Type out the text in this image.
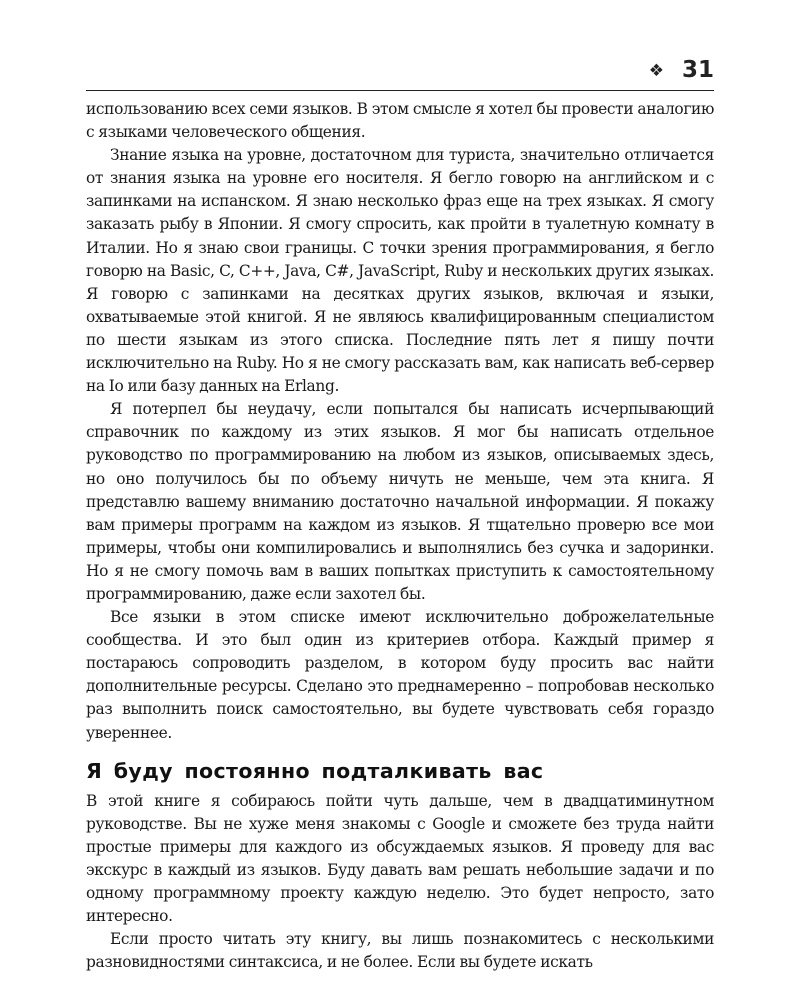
❖ 31

использованию всех семи языков. В этом смысле я хотел бы провести аналогию с языками человеческого общения.

Знание языка на уровне, достаточном для туриста, значительно отличается от знания языка на уровне его носителя. Я бегло говорю на английском и с запинками на испанском. Я знаю несколько фраз еще на трех языках. Я смогу заказать рыбу в Японии. Я смогу спросить, как пройти в туалетную комнату в Италии. Но я знаю свои границы. С точки зрения программирования, я бегло говорю на Basic, C, C++, Java, C#, JavaScript, Ruby и нескольких других языках. Я говорю с запинками на десятках других языков, включая и языки, охватываемые этой книгой. Я не являюсь квалифицированным специалистом по шести языкам из этого списка. Последние пять лет я пишу почти исключительно на Ruby. Но я не смогу рассказать вам, как написать веб-сервер на Io или базу данных на Erlang.

Я потерпел бы неудачу, если попытался бы написать исчерпывающий справочник по каждому из этих языков. Я мог бы написать отдельное руководство по программированию на любом из языков, описываемых здесь, но оно получилось бы по объему ничуть не меньше, чем эта книга. Я представлю вашему вниманию достаточно начальной информации. Я покажу вам примеры программ на каждом из языков. Я тщательно проверю все мои примеры, чтобы они компилировались и выполнялись без сучка и задоринки. Но я не смогу помочь вам в ваших попытках приступить к самостоятельному программированию, даже если захотел бы.

Все языки в этом списке имеют исключительно доброжелательные сообщества. И это был один из критериев отбора. Каждый пример я постараюсь сопроводить разделом, в котором буду просить вас найти дополнительные ресурсы. Сделано это преднамеренно – попробовав несколько раз выполнить поиск самостоятельно, вы будете чувствовать себя гораздо увереннее.

Я буду постоянно подталкивать вас

В этой книге я собираюсь пойти чуть дальше, чем в двадцатиминутном руководстве. Вы не хуже меня знакомы с Google и сможете без труда найти простые примеры для каждого из обсуждаемых языков. Я проведу для вас экскурс в каждый из языков. Буду давать вам решать небольшие задачи и по одному программному проекту каждую неделю. Это будет непросто, зато интересно.

Если просто читать эту книгу, вы лишь познакомитесь с несколькими разновидностями синтаксиса, и не более. Если вы будете искать
